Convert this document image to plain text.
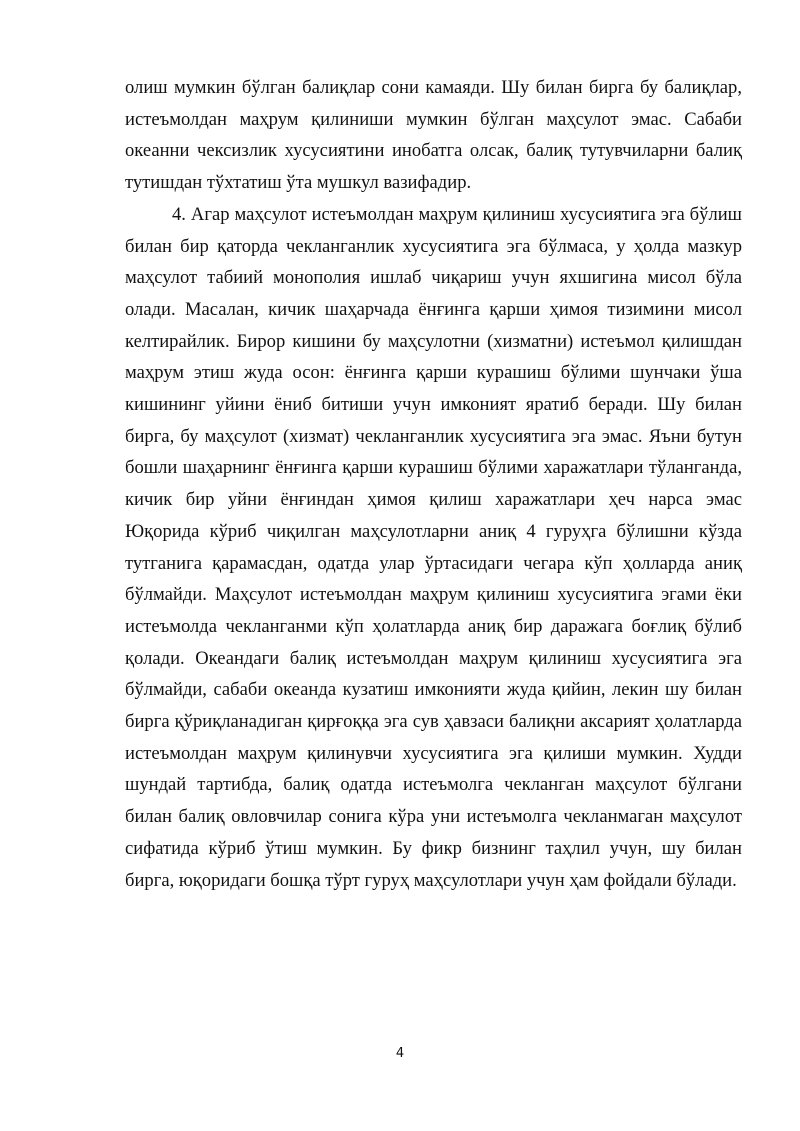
олиш мумкин бўлган балиқлар сони камаяди. Шу билан бирга бу балиқлар, истеъмолдан маҳрум қилиниши мумкин бўлган маҳсулот эмас. Сабаби океанни чексизлик хусусиятини инобатга олсак, балиқ тутувчиларни балиқ тутишдан тўхтатиш ўта мушкул вазифадир.

4. Агар маҳсулот истеъмолдан маҳрум қилиниш хусусиятига эга бўлиш билан бир қаторда чекланганлик хусусиятига эга бўлмаса, у ҳолда мазкур маҳсулот табиий монополия ишлаб чиқариш учун яхшигина мисол бўла олади. Масалан, кичик шаҳарчада ёнғинга қарши ҳимоя тизимини мисол келтирайлик. Бирор кишини бу маҳсулотни (хизматни) истеъмол қилишдан маҳрум этиш жуда осон: ёнғинга қарши курашиш бўлими шунчаки ўша кишининг уйини ёниб битиши учун имконият яратиб беради. Шу билан бирга, бу маҳсулот (хизмат) чекланганлик хусусиятига эга эмас. Яъни бутун бошли шаҳарнинг ёнғинга қарши курашиш бўлими харажатлари тўланганда, кичик бир уйни ёнғиндан ҳимоя қилиш харажатлари ҳеч нарса эмас Юқорида кўриб чиқилган маҳсулотларни аниқ 4 гуруҳга бўлишни кўзда тутганига қарамасдан, одатда улар ўртасидаги чегара кўп ҳолларда аниқ бўлмайди. Маҳсулот истеъмолдан маҳрум қилиниш хусусиятига эгами ёки истеъмолда чекланганми кўп ҳолатларда аниқ бир даражага боғлиқ бўлиб қолади. Океандаги балиқ истеъмолдан маҳрум қилиниш хусусиятига эга бўлмайди, сабаби океанда кузатиш имконияти жуда қийин, лекин шу билан бирга қўриқланадиган қирғоққа эга сув ҳавзаси балиқни аксарият ҳолатларда истеъмолдан маҳрум қилинувчи хусусиятига эга қилиши мумкин. Худди шундай тартибда, балиқ одатда истеъмолга чекланган маҳсулот бўлгани билан балиқ овловчилар сонига кўра уни истеъмолга чекланмаган маҳсулот сифатида кўриб ўтиш мумкин. Бу фикр бизнинг таҳлил учун, шу билан бирга, юқоридаги бошқа тўрт гуруҳ маҳсулотлари учун ҳам фойдали бўлади.

4
